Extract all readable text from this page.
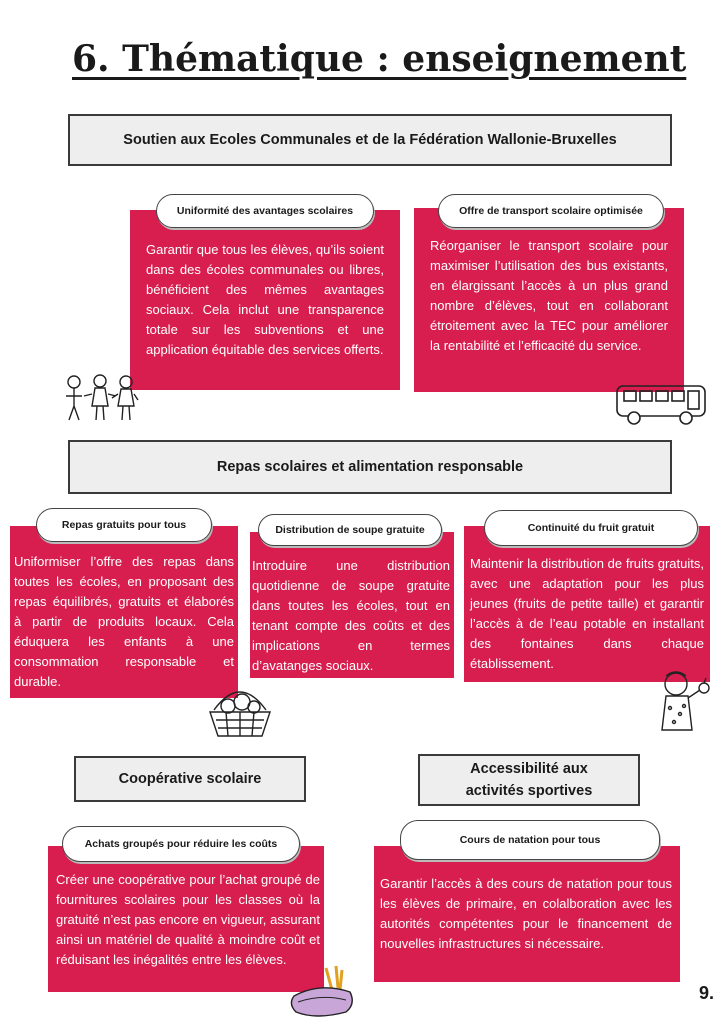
6. Thématique : enseignement
Soutien aux Ecoles Communales et de la Fédération Wallonie-Bruxelles
Garantir que tous les élèves, qu’ils soient dans des écoles communales ou libres, bénéficient des mêmes avantages sociaux. Cela inclut une transparence totale sur les subventions et une application équitable des services offerts.
Uniformité des avantages scolaires
Réorganiser le transport scolaire pour maximiser l’utilisation des bus existants, en élargissant l’accès à un plus grand nombre d’élèves, tout en collaborant étroitement avec la TEC pour améliorer la rentabilité et l’efficacité du service.
Offre de transport scolaire optimisée
Repas scolaires et alimentation responsable
Uniformiser l’offre des repas dans toutes les écoles, en proposant des repas équilibrés, gratuits et élaborés à partir de produits locaux. Cela éduquera les enfants à une consommation responsable et durable.
Repas gratuits pour tous
Introduire une distribution quotidienne de soupe gratuite dans toutes les écoles, tout en tenant compte des coûts et des implications en termes d’avatanges sociaux.
Distribution de soupe gratuite
Maintenir la distribution de fruits gratuits, avec une adaptation pour les plus jeunes (fruits de petite taille) et garantir l’accès à de l’eau potable en installant des fontaines dans chaque établissement.
Continuité du fruit gratuit
Coopérative scolaire
Accessibilité aux
activités sportives
Créer une coopérative pour l’achat groupé de fournitures scolaires pour les classes où la gratuité n’est pas encore en vigueur, assurant ainsi un matériel de qualité à moindre coût et réduisant les inégalités entre les élèves.
Achats groupés pour réduire les coûts
Garantir l’accès à des cours de natation pour tous les élèves de primaire, en colalboration avec les autorités compétentes pour le financement de nouvelles infrastructures si nécessaire.
Cours de natation pour tous
9.
